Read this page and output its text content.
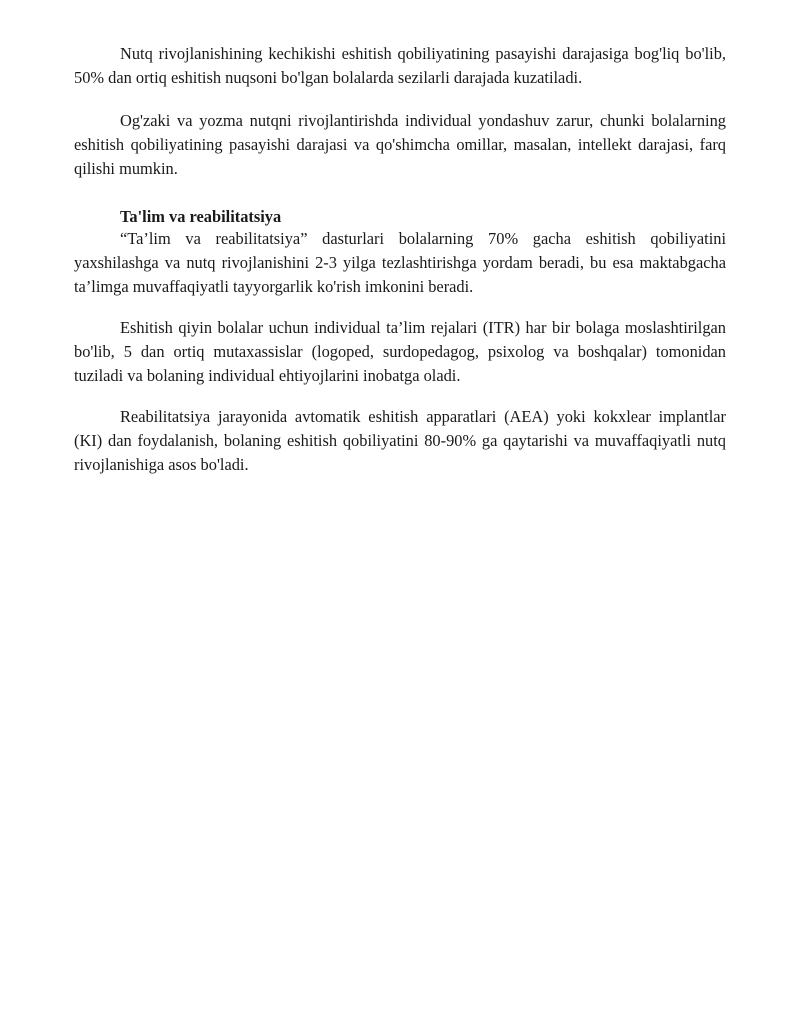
Nutq rivojlanishining kechikishi eshitish qobiliyatining pasayishi darajasiga bog'liq bo'lib, 50% dan ortiq eshitish nuqsoni bo'lgan bolalarda sezilarli darajada kuzatiladi.

Og'zaki va yozma nutqni rivojlantirishda individual yondashuv zarur, chunki bolalarning eshitish qobiliyatining pasayishi darajasi va qo'shimcha omillar, masalan, intellekt darajasi, farq qilishi mumkin.

Ta'lim va reabilitatsiya

“Ta’lim va reabilitatsiya” dasturlari bolalarning 70% gacha eshitish qobiliyatini yaxshilashga va nutq rivojlanishini 2-3 yilga tezlashtirishga yordam beradi, bu esa maktabgacha ta’limga muvaffaqiyatli tayyorgarlik ko'rish imkonini beradi.

Eshitish qiyin bolalar uchun individual ta’lim rejalari (ITR) har bir bolaga moslashtirilgan bo'lib, 5 dan ortiq mutaxassislar (logoped, surdopedagog, psixolog va boshqalar) tomonidan tuziladi va bolaning individual ehtiyojlarini inobatga oladi.

Reabilitatsiya jarayonida avtomatik eshitish apparatlari (AEA) yoki kokxlear implantlar (KI) dan foydalanish, bolaning eshitish qobiliyatini 80-90% ga qaytarishi va muvaffaqiyatli nutq rivojlanishiga asos bo'ladi.
